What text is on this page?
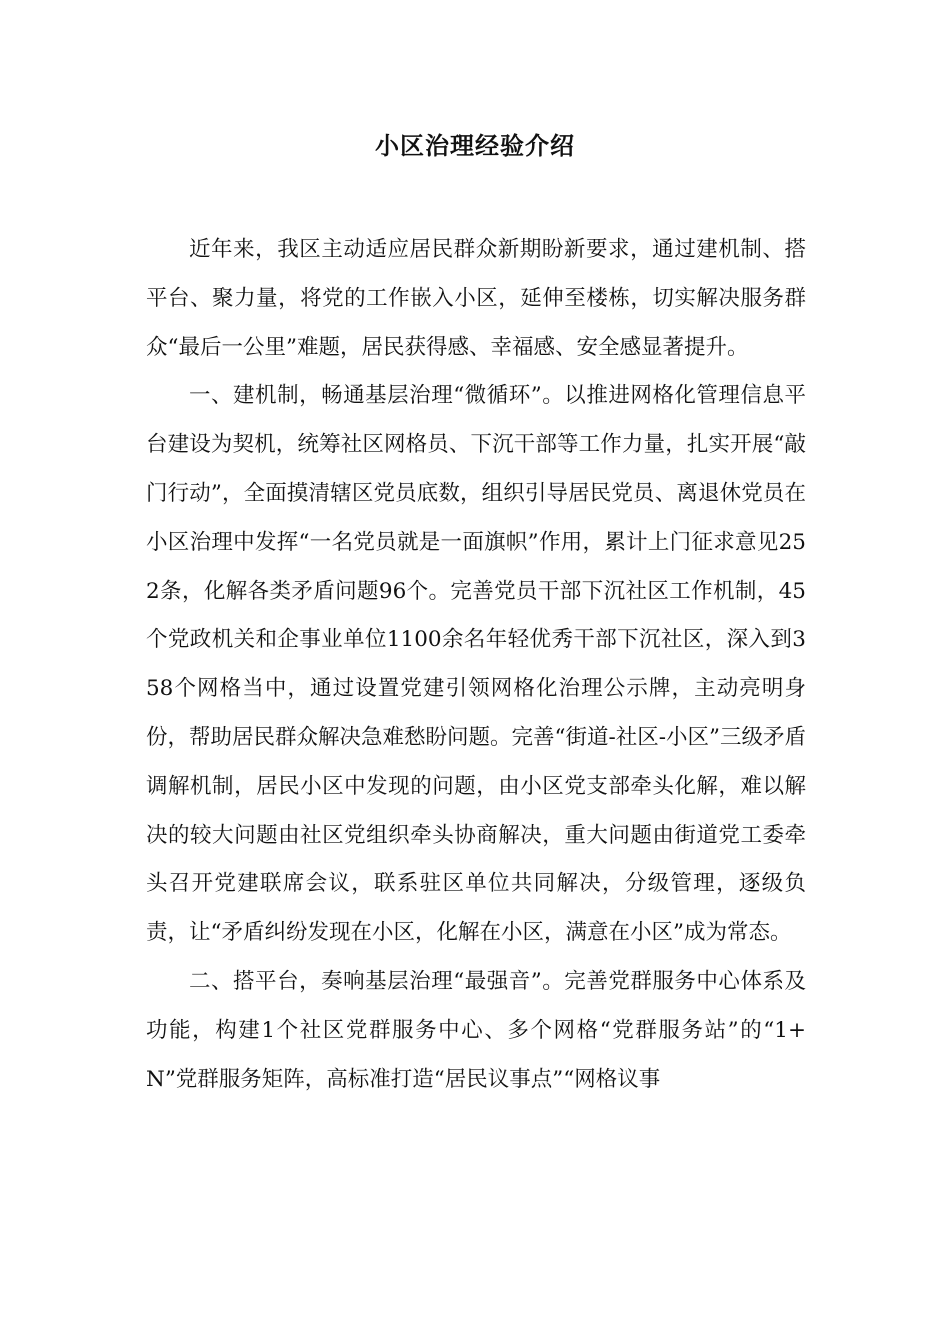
小区治理经验介绍

近年来，我区主动适应居民群众新期盼新要求，通过建机制、搭平台、聚力量，将党的工作嵌入小区，延伸至楼栋，切实解决服务群众“最后一公里”难题，居民获得感、幸福感、安全感显著提升。

一、建机制，畅通基层治理“微循环”。以推进网格化管理信息平台建设为契机，统筹社区网格员、下沉干部等工作力量，扎实开展“敲门行动”，全面摸清辖区党员底数，组织引导居民党员、离退休党员在小区治理中发挥“一名党员就是一面旗帜”作用，累计上门征求意见252条，化解各类矛盾问题96个。完善党员干部下沉社区工作机制，45个党政机关和企事业单位1100余名年轻优秀干部下沉社区，深入到358个网格当中，通过设置党建引领网格化治理公示牌，主动亮明身份，帮助居民群众解决急难愁盼问题。完善“街道-社区-小区”三级矛盾调解机制，居民小区中发现的问题，由小区党支部牵头化解，难以解决的较大问题由社区党组织牵头协商解决，重大问题由街道党工委牵头召开党建联席会议，联系驻区单位共同解决，分级管理，逐级负责，让“矛盾纠纷发现在小区，化解在小区，满意在小区”成为常态。

二、搭平台，奏响基层治理“最强音”。完善党群服务中心体系及功能，构建1个社区党群服务中心、多个网格“党群服务站”的“1+N”党群服务矩阵，高标准打造“居民议事点”“网格议事
